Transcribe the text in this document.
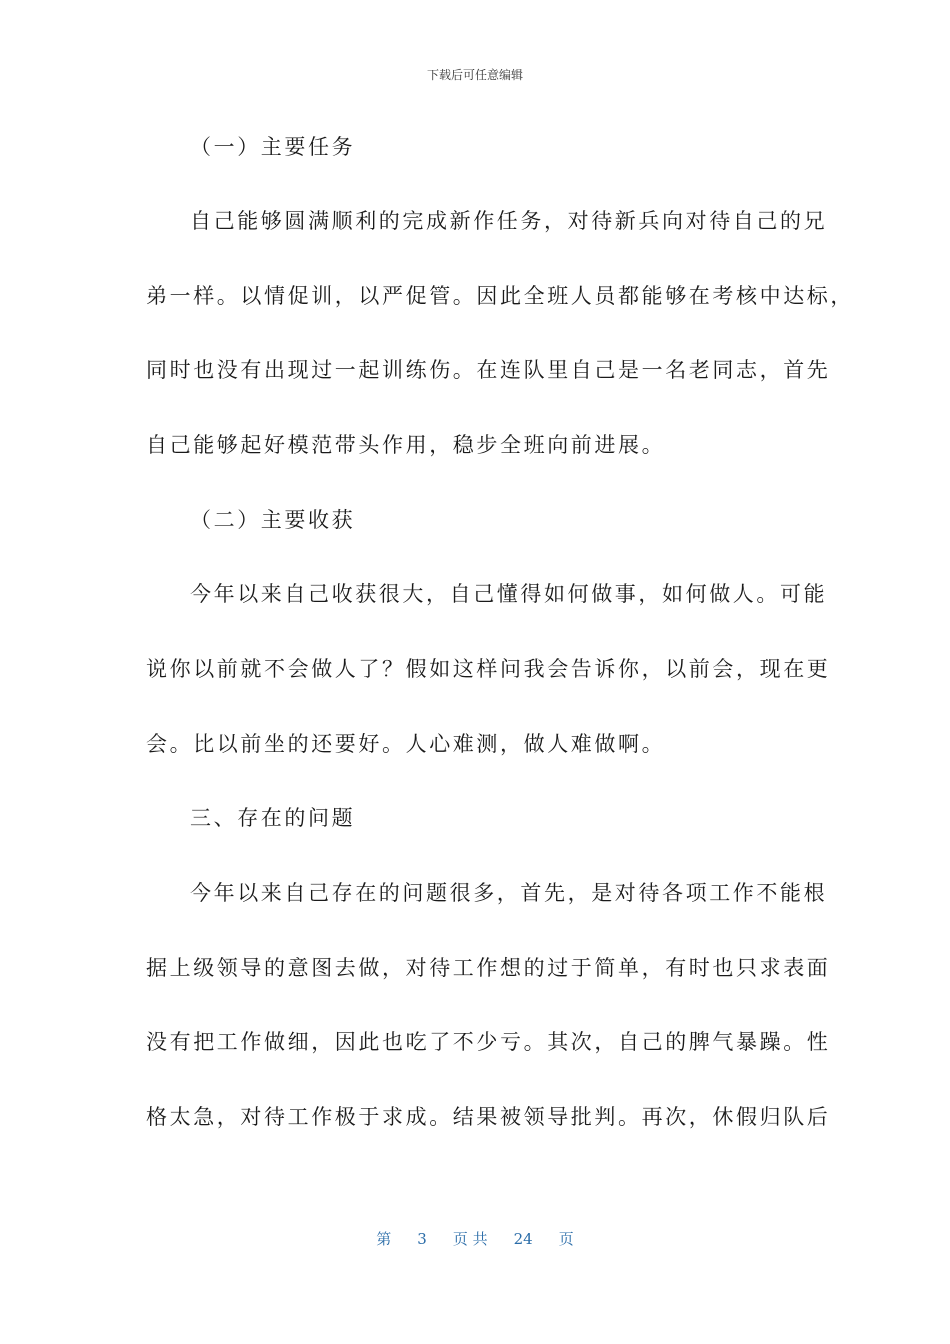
下载后可任意编辑
（一）主要任务
自己能够圆满顺利的完成新作任务，对待新兵向对待自己的兄
弟一样。以情促训，以严促管。因此全班人员都能够在考核中达标，
同时也没有出现过一起训练伤。在连队里自己是一名老同志，首先
自己能够起好模范带头作用，稳步全班向前进展。
（二）主要收获
今年以来自己收获很大，自己懂得如何做事，如何做人。可能
说你以前就不会做人了？假如这样问我会告诉你，以前会，现在更
会。比以前坐的还要好。人心难测，做人难做啊。
三、存在的问题
今年以来自己存在的问题很多，首先，是对待各项工作不能根
据上级领导的意图去做，对待工作想的过于简单，有时也只求表面
没有把工作做细，因此也吃了不少亏。其次，自己的脾气暴躁。性
格太急，对待工作极于求成。结果被领导批判。再次，休假归队后
第 3 页 共 24 页
